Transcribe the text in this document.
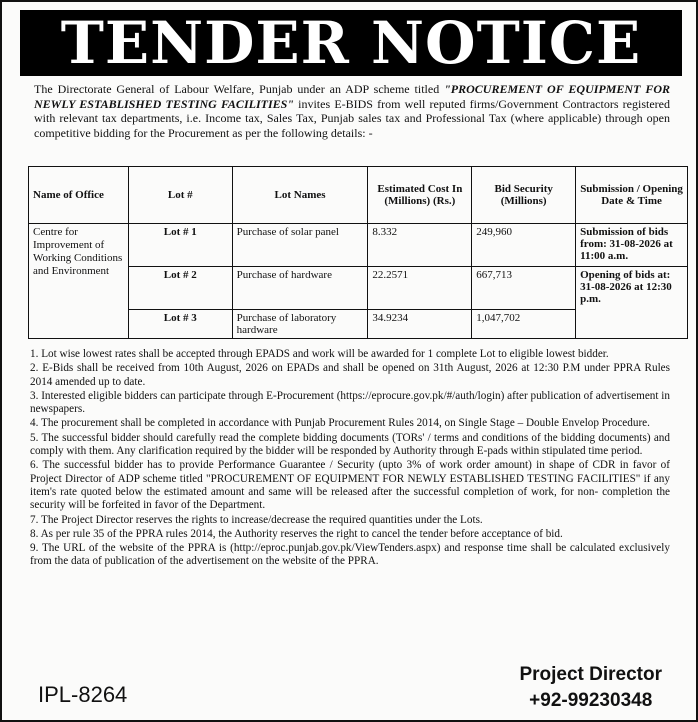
TENDER NOTICE
The Directorate General of Labour Welfare, Punjab under an ADP scheme titled "PROCUREMENT OF EQUIPMENT FOR NEWLY ESTABLISHED TESTING FACILITIES" invites E-BIDS from well reputed firms/Government Contractors registered with relevant tax departments, i.e. Income tax, Sales Tax, Punjab sales tax and Professional Tax (where applicable) through open competitive bidding for the Procurement as per the following details: -
Name of Office	Lot #	Lot Names	Estimated Cost In (Millions) (Rs.)	Bid Security (Millions)	Submission / Opening Date & Time
Centre for Improvement of Working Conditions and Environment	Lot # 1	Purchase of solar panel	8.332	249,960	Submission of bids from: 31-08-2026 at 11:00 a.m.
	Lot # 2	Purchase of hardware	22.2571	667,713	Opening of bids at: 31-08-2026 at 12:30 p.m.
	Lot # 3	Purchase of laboratory hardware	34.9234	1,047,702	
1. Lot wise lowest rates shall be accepted through EPADS and work will be awarded for 1 complete Lot to eligible lowest bidder.
2. E-Bids shall be received from 10th August, 2026 on EPADs and shall be opened on 31th August, 2026 at 12:30 P.M under PPRA Rules 2014 amended up to date.
3. Interested eligible bidders can participate through E-Procurement (https://eprocure.gov.pk/#/auth/login) after publication of advertisement in newspapers.
4. The procurement shall be completed in accordance with Punjab Procurement Rules 2014, on Single Stage – Double Envelop Procedure.
5. The successful bidder should carefully read the complete bidding documents (TORs' / terms and conditions of the bidding documents) and comply with them. Any clarification required by the bidder will be responded by Authority through E-pads within stipulated time period.
6. The successful bidder has to provide Performance Guarantee / Security (upto 3% of work order amount) in shape of CDR in favor of Project Director of ADP scheme titled "PROCUREMENT OF EQUIPMENT FOR NEWLY ESTABLISHED TESTING FACILITIES" if any item's rate quoted below the estimated amount and same will be released after the successful completion of work, for non- completion the security will be forfeited in favor of the Department.
7. The Project Director reserves the rights to increase/decrease the required quantities under the Lots.
8. As per rule 35 of the PPRA rules 2014, the Authority reserves the right to cancel the tender before acceptance of bid.
9. The URL of the website of the PPRA is (http://eproc.punjab.gov.pk/ViewTenders.aspx) and response time shall be calculated exclusively from the data of publication of the advertisement on the website of the PPRA.
IPL-8264
Project Director
+92-99230348
